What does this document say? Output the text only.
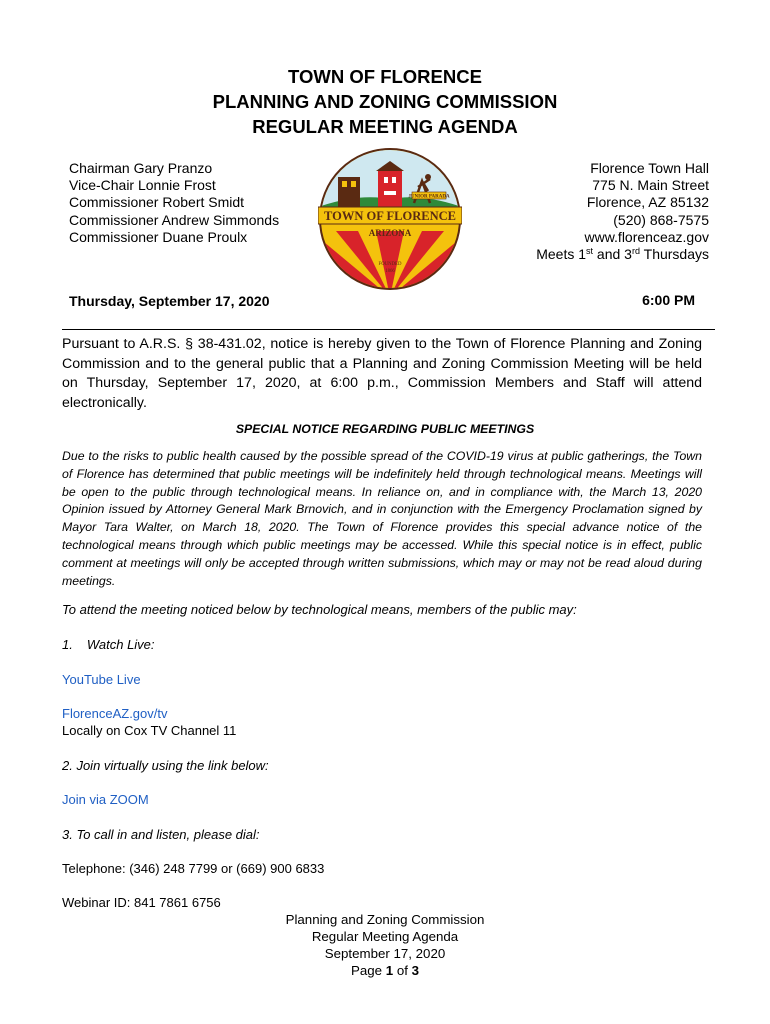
TOWN OF FLORENCE
PLANNING AND ZONING COMMISSION
REGULAR MEETING AGENDA
Chairman Gary Pranzo
Vice-Chair Lonnie Frost
Commissioner Robert Smidt
Commissioner Andrew Simmonds
Commissioner Duane Proulx
JUNIOR PARADA
TOWN OF FLORENCE
ARIZONA
FOUNDED
1866
Florence Town Hall
775 N. Main Street
Florence, AZ 85132
(520) 868-7575
www.florenceaz.gov
Meets 1st and 3rd Thursdays
Thursday, September 17, 2020	6:00 PM
Pursuant to A.R.S. § 38-431.02, notice is hereby given to the Town of Florence Planning and Zoning Commission and to the general public that a Planning and Zoning Commission Meeting will be held on Thursday, September 17, 2020, at 6:00 p.m., Commission Members and Staff will attend electronically.
SPECIAL NOTICE REGARDING PUBLIC MEETINGS
Due to the risks to public health caused by the possible spread of the COVID-19 virus at public gatherings, the Town of Florence has determined that public meetings will be indefinitely held through technological means. Meetings will be open to the public through technological means. In reliance on, and in compliance with, the March 13, 2020 Opinion issued by Attorney General Mark Brnovich, and in conjunction with the Emergency Proclamation signed by Mayor Tara Walter, on March 18, 2020. The Town of Florence provides this special advance notice of the technological means through which public meetings may be accessed. While this special notice is in effect, public comment at meetings will only be accepted through written submissions, which may or may not be read aloud during meetings.
To attend the meeting noticed below by technological means, members of the public may:
1. Watch Live:
YouTube Live
FlorenceAZ.gov/tv
Locally on Cox TV Channel 11
2. Join virtually using the link below:
Join via ZOOM
3. To call in and listen, please dial:
Telephone: (346) 248 7799 or (669) 900 6833
Webinar ID: 841 7861 6756
Planning and Zoning Commission
Regular Meeting Agenda
September 17, 2020
Page 1 of 3
